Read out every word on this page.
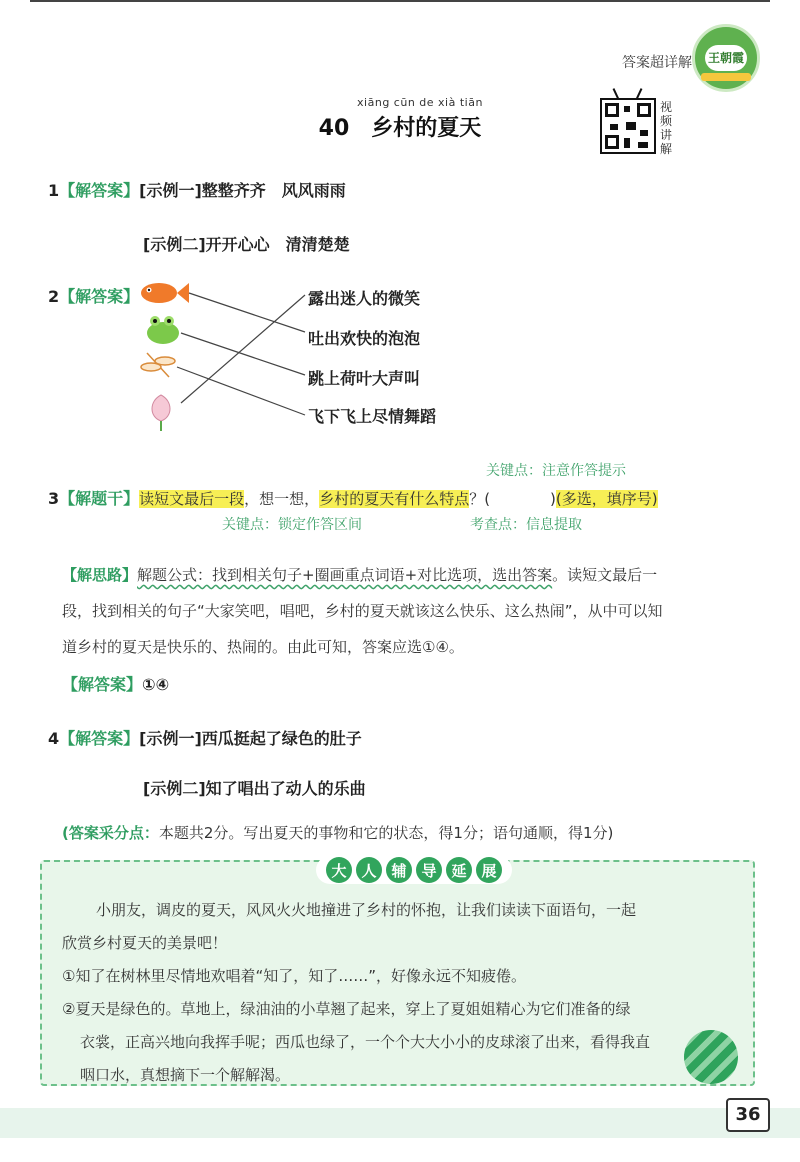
答案超详解 王朝霞
xiāng cūn de xià tiān
40 乡村的夏天
视
频
讲
解
1【解答案】[示例一]整整齐齐　风风雨雨
[示例二]开开心心　清清楚楚
2【解答案】	露出迷人的微笑
吐出欢快的泡泡
跳上荷叶大声叫
飞下飞上尽情舞蹈
关键点：注意作答提示
3【解题干】读短文最后一段，想一想，乡村的夏天有什么特点？(　　　　)(多选，填序号)
关键点：锁定作答区间	考查点：信息提取
【解思路】解题公式：找到相关句子+圈画重点词语+对比选项，选出答案。读短文最后一
段，找到相关的句子“大家笑吧，唱吧，乡村的夏天就该这么快乐、这么热闹”，从中可以知
道乡村的夏天是快乐的、热闹的。由此可知，答案应选①④。
【解答案】①④
4【解答案】[示例一]西瓜挺起了绿色的肚子
[示例二]知了唱出了动人的乐曲
(答案采分点：本题共2分。写出夏天的事物和它的状态，得1分；语句通顺，得1分)
大 人 辅 导 延 展
小朋友，调皮的夏天，风风火火地撞进了乡村的怀抱，让我们读读下面语句，一起
欣赏乡村夏天的美景吧！
①知了在树林里尽情地欢唱着“知了，知了……”，好像永远不知疲倦。
②夏天是绿色的。草地上，绿油油的小草翘了起来，穿上了夏姐姐精心为它们准备的绿
衣裳，正高兴地向我挥手呢；西瓜也绿了，一个个大大小小的皮球滚了出来，看得我直
咽口水，真想摘下一个解解渴。
36
